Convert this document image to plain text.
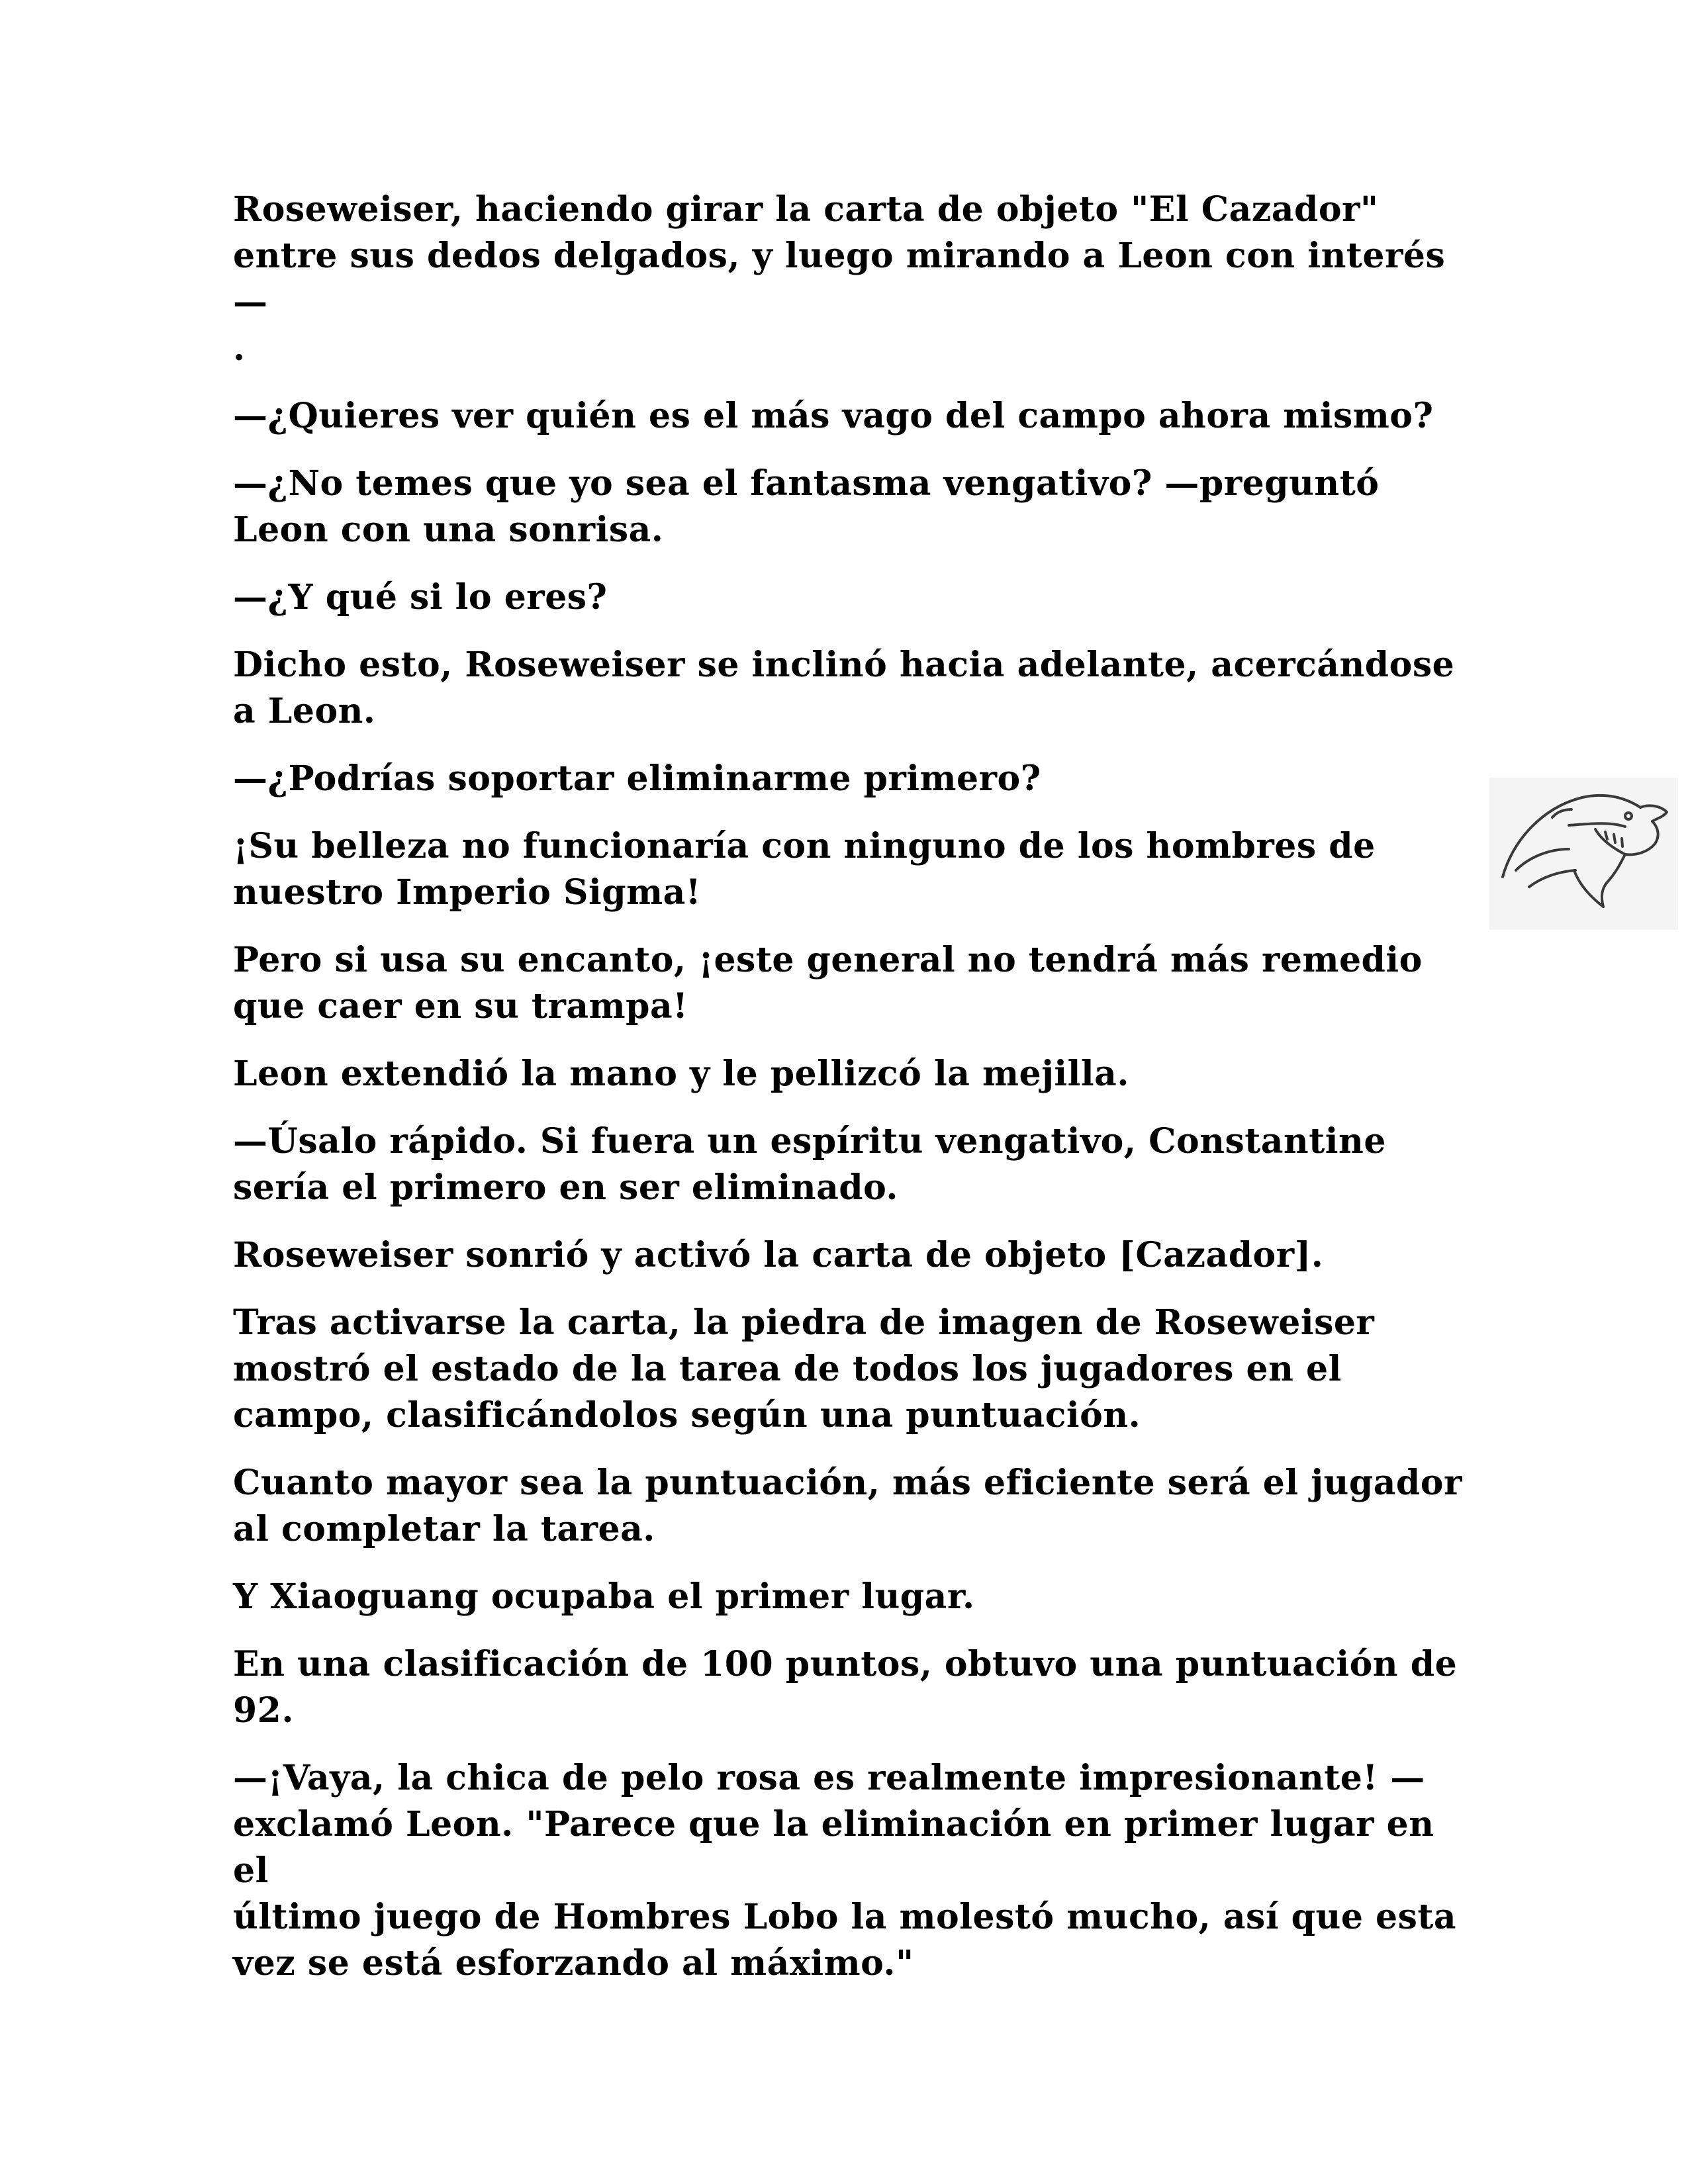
Roseweiser, haciendo girar la carta de objeto "El Cazador"
entre sus dedos delgados, y luego mirando a Leon con interés—
.

—¿Quieres ver quién es el más vago del campo ahora mismo?

—¿No temes que yo sea el fantasma vengativo? —preguntó
Leon con una sonrisa.

—¿Y qué si lo eres?

Dicho esto, Roseweiser se inclinó hacia adelante, acercándose
a Leon.

—¿Podrías soportar eliminarme primero?

¡Su belleza no funcionaría con ninguno de los hombres de
nuestro Imperio Sigma!

Pero si usa su encanto, ¡este general no tendrá más remedio
que caer en su trampa!

Leon extendió la mano y le pellizcó la mejilla.

—Úsalo rápido. Si fuera un espíritu vengativo, Constantine
sería el primero en ser eliminado.

Roseweiser sonrió y activó la carta de objeto [Cazador].

Tras activarse la carta, la piedra de imagen de Roseweiser
mostró el estado de la tarea de todos los jugadores en el
campo, clasificándolos según una puntuación.

Cuanto mayor sea la puntuación, más eficiente será el jugador
al completar la tarea.

Y Xiaoguang ocupaba el primer lugar.

En una clasificación de 100 puntos, obtuvo una puntuación de
92.

—¡Vaya, la chica de pelo rosa es realmente impresionante! —
exclamó Leon. "Parece que la eliminación en primer lugar en el
último juego de Hombres Lobo la molestó mucho, así que esta
vez se está esforzando al máximo."
